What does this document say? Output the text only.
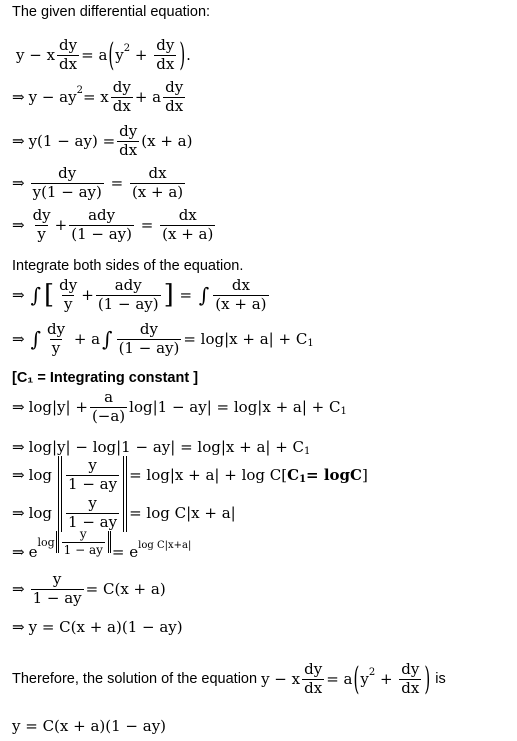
The given differential equation:
y − x $\frac{dy}{dx} = a$ ( y $2 + \frac{dy}{dx}$ ) .
⇒ y − ay 2 = x $\frac{dy}{dx} + a \frac{dy}{dx}$
⇒ $y(1 - ay) = \frac{dy}{dx} (x + a)$
⇒ $\frac{dy}{y(1 - ay)} = \frac{dx}{(x + a)}$
⇒ $\frac{dy}{y} + \frac{\text{ady}}{(1 - ay)} = \frac{dx}{(x + a)}$
Integrate both sides of the equation.
⇒ ∫ [ $\frac{dy}{y} + \frac{\text{ady}}{(1 - ay)}$ ] = ∫ $\frac{dx}{(x + a)}$
⇒ ∫ $\frac{dy}{y} + a$ ∫ $\frac{dy}{(1 - ay)} = \log|x + a| + C$ 1
[C₁ = Integrating constant ]
⇒ $\log|y| + \frac{a}{(-a)} \log|1 - ay| = \log|x + a| + C$ 1
⇒ log|y| − log|1 − ay| = log|x + a| + C 1
⇒ $\log \frac{y}{1 - ay} = \log|x + a| + \log C$[ C 1 = log C ]
⇒ $\log \frac{y}{1 - ay} = \log C|x + a|$
⇒ e
$\log \frac{y}{1 - ay} = e$ log C|x+a|
⇒ $\frac{y}{1 - ay} = C(x + a)$
⇒ y = C(x + a)(1 − ay)
Therefore, the solution of the equation y − x $\frac{dy}{dx} = a$ ( y $2 + \frac{dy}{dx}$ ) is
y = C(x + a)(1 − ay)
